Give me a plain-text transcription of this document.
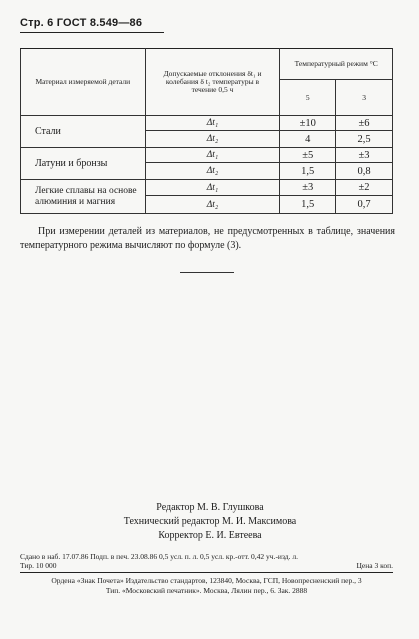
Стр. 6 ГОСТ 8.549—86
Материал измеряемой детали	Допускаемые отклонения δt₁ и колебания δ t₂ температуры в течение 0,5 ч	Температурный режим °С	
		5	3
Стали	Δt₁	±10	±6
	Δt₂	4	2,5
Латуни и бронзы	Δt₁	±5	±3
	Δt₂	1,5	0,8
Легкие сплавы на основе алюминия и магния	Δt₁	±3	±2
	Δt₂	1,5	0,7
При измерении деталей из материалов, не предусмотренных в таблице, значения температурного режима вычисляют по формуле (3).
Редактор М. В. Глушкова
Технический редактор М. И. Максимова
Корректор Е. И. Евтеева
Сдано в наб. 17.07.86 Подп. в печ. 23.08.86 0,5 усл. п. л. 0,5 усл. кр.-отт. 0,42 уч.-изд. л.
Тир. 10 000	Цена 3 коп.
Ордена «Знак Почета» Издательство стандартов, 123840, Москва, ГСП, Новопресненский пер., 3
Тип. «Московский печатник». Москва, Лялин пер., 6. Зак. 2888
